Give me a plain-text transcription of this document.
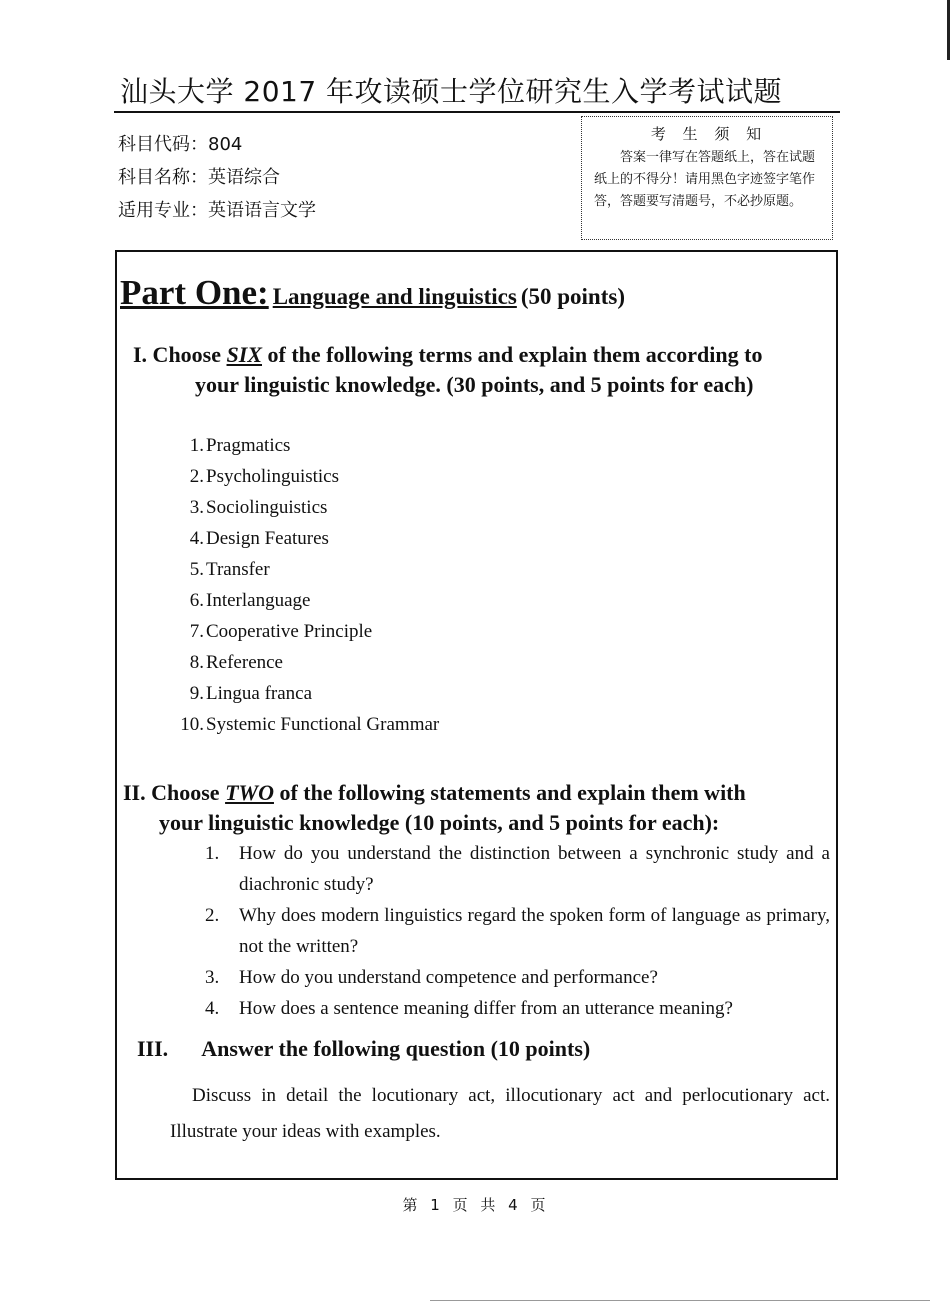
汕头大学 2017 年攻读硕士学位研究生入学考试试题
科目代码：804
科目名称：英语综合
适用专业：英语语言文学
考 生 须 知

答案一律写在答题纸上，答在试题纸上的不得分！请用黑色字迹签字笔作答，答题要写清题号，不必抄原题。

Part One: Language and linguistics (50 points)
I. Choose SIX of the following terms and explain them according to
your linguistic knowledge. (30 points, and 5 points for each)
1. Pragmatics
2. Psycholinguistics
3. Sociolinguistics
4. Design Features
5. Transfer
6. Interlanguage
7. Cooperative Principle
8. Reference
9. Lingua franca
10. Systemic Functional Grammar
II. Choose TWO of the following statements and explain them with
your linguistic knowledge (10 points, and 5 points for each):
1.	How do you understand the distinction between a synchronic study and a diachronic study?
2.	Why does modern linguistics regard the spoken form of language as primary, not the written?
3.	How do you understand competence and performance?
4.	How does a sentence meaning differ from an utterance meaning?
III. Answer the following question (10 points)

Discuss in detail the locutionary act, illocutionary act and perlocutionary act. Illustrate your ideas with examples.

第 1 页 共 4 页
